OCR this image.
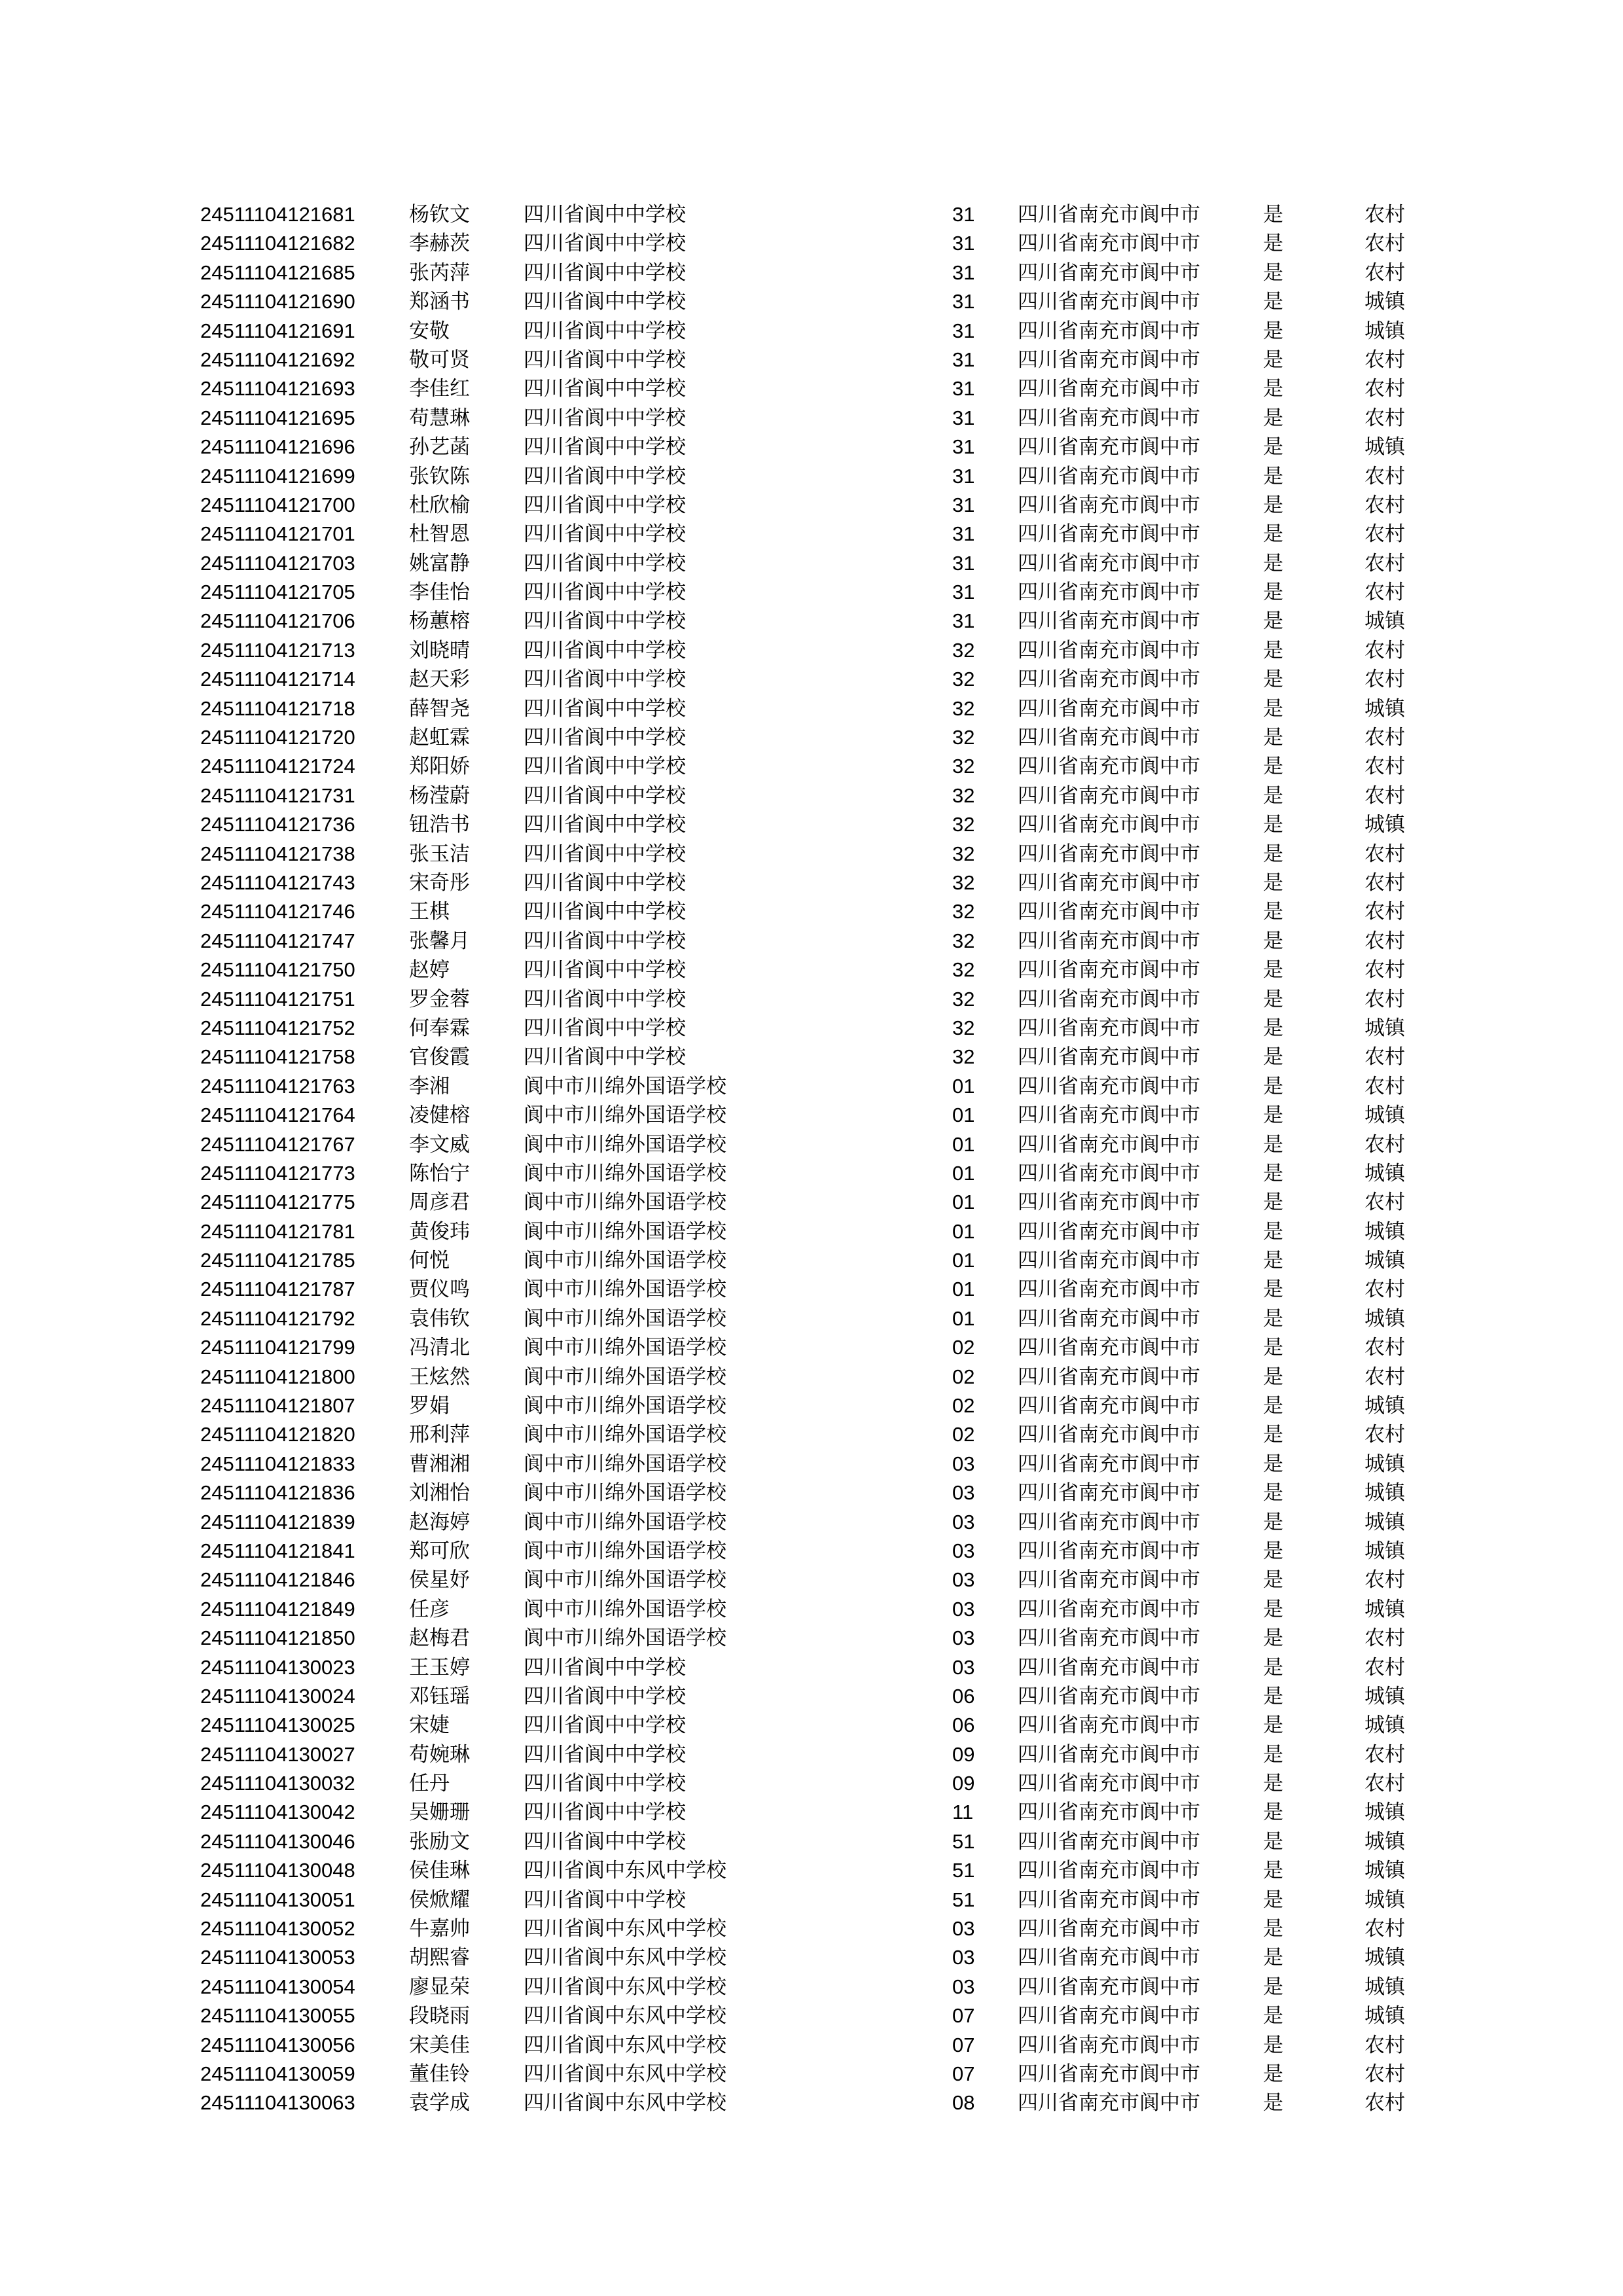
24511104121681	杨钦文	四川省阆中中学校	31 四川省南充市阆中市	是	农村
24511104121682	李赫茨	四川省阆中中学校	31 四川省南充市阆中市	是	农村
24511104121685	张芮萍	四川省阆中中学校	31 四川省南充市阆中市	是	农村
24511104121690	郑涵书	四川省阆中中学校	31 四川省南充市阆中市	是	城镇
24511104121691	安敬	四川省阆中中学校	31 四川省南充市阆中市	是	城镇
24511104121692	敬可贤	四川省阆中中学校	31 四川省南充市阆中市	是	农村
24511104121693	李佳红	四川省阆中中学校	31 四川省南充市阆中市	是	农村
24511104121695	苟慧琳	四川省阆中中学校	31 四川省南充市阆中市	是	农村
24511104121696	孙艺菡	四川省阆中中学校	31 四川省南充市阆中市	是	城镇
24511104121699	张钦陈	四川省阆中中学校	31 四川省南充市阆中市	是	农村
24511104121700	杜欣榆	四川省阆中中学校	31 四川省南充市阆中市	是	农村
24511104121701	杜智恩	四川省阆中中学校	31 四川省南充市阆中市	是	农村
24511104121703	姚富静	四川省阆中中学校	31 四川省南充市阆中市	是	农村
24511104121705	李佳怡	四川省阆中中学校	31 四川省南充市阆中市	是	农村
24511104121706	杨蕙榕	四川省阆中中学校	31 四川省南充市阆中市	是	城镇
24511104121713	刘晓晴	四川省阆中中学校	32 四川省南充市阆中市	是	农村
24511104121714	赵天彩	四川省阆中中学校	32 四川省南充市阆中市	是	农村
24511104121718	薛智尧	四川省阆中中学校	32 四川省南充市阆中市	是	城镇
24511104121720	赵虹霖	四川省阆中中学校	32 四川省南充市阆中市	是	农村
24511104121724	郑阳娇	四川省阆中中学校	32 四川省南充市阆中市	是	农村
24511104121731	杨滢蔚	四川省阆中中学校	32 四川省南充市阆中市	是	农村
24511104121736	钮浩书	四川省阆中中学校	32 四川省南充市阆中市	是	城镇
24511104121738	张玉洁	四川省阆中中学校	32 四川省南充市阆中市	是	农村
24511104121743	宋奇彤	四川省阆中中学校	32 四川省南充市阆中市	是	农村
24511104121746	王棋	四川省阆中中学校	32 四川省南充市阆中市	是	农村
24511104121747	张馨月	四川省阆中中学校	32 四川省南充市阆中市	是	农村
24511104121750	赵婷	四川省阆中中学校	32 四川省南充市阆中市	是	农村
24511104121751	罗金蓉	四川省阆中中学校	32 四川省南充市阆中市	是	农村
24511104121752	何奉霖	四川省阆中中学校	32 四川省南充市阆中市	是	城镇
24511104121758	官俊霞	四川省阆中中学校	32 四川省南充市阆中市	是	农村
24511104121763	李湘	阆中市川绵外国语学校	01 四川省南充市阆中市	是	农村
24511104121764	凌健榕	阆中市川绵外国语学校	01 四川省南充市阆中市	是	城镇
24511104121767	李文威	阆中市川绵外国语学校	01 四川省南充市阆中市	是	农村
24511104121773	陈怡宁	阆中市川绵外国语学校	01 四川省南充市阆中市	是	城镇
24511104121775	周彦君	阆中市川绵外国语学校	01 四川省南充市阆中市	是	农村
24511104121781	黄俊玮	阆中市川绵外国语学校	01 四川省南充市阆中市	是	城镇
24511104121785	何悦	阆中市川绵外国语学校	01 四川省南充市阆中市	是	城镇
24511104121787	贾仪鸣	阆中市川绵外国语学校	01 四川省南充市阆中市	是	农村
24511104121792	袁伟钦	阆中市川绵外国语学校	01 四川省南充市阆中市	是	城镇
24511104121799	冯清北	阆中市川绵外国语学校	02 四川省南充市阆中市	是	农村
24511104121800	王炫然	阆中市川绵外国语学校	02 四川省南充市阆中市	是	农村
24511104121807	罗娟	阆中市川绵外国语学校	02 四川省南充市阆中市	是	城镇
24511104121820	邢利萍	阆中市川绵外国语学校	02 四川省南充市阆中市	是	农村
24511104121833	曹湘湘	阆中市川绵外国语学校	03 四川省南充市阆中市	是	城镇
24511104121836	刘湘怡	阆中市川绵外国语学校	03 四川省南充市阆中市	是	城镇
24511104121839	赵海婷	阆中市川绵外国语学校	03 四川省南充市阆中市	是	城镇
24511104121841	郑可欣	阆中市川绵外国语学校	03 四川省南充市阆中市	是	城镇
24511104121846	侯星妤	阆中市川绵外国语学校	03 四川省南充市阆中市	是	农村
24511104121849	任彦	阆中市川绵外国语学校	03 四川省南充市阆中市	是	城镇
24511104121850	赵梅君	阆中市川绵外国语学校	03 四川省南充市阆中市	是	农村
24511104130023	王玉婷	四川省阆中中学校	03 四川省南充市阆中市	是	农村
24511104130024	邓钰瑶	四川省阆中中学校	06 四川省南充市阆中市	是	城镇
24511104130025	宋婕	四川省阆中中学校	06 四川省南充市阆中市	是	城镇
24511104130027	苟婉琳	四川省阆中中学校	09 四川省南充市阆中市	是	农村
24511104130032	任丹	四川省阆中中学校	09 四川省南充市阆中市	是	农村
24511104130042	吴姗珊	四川省阆中中学校	11 四川省南充市阆中市	是	城镇
24511104130046	张励文	四川省阆中中学校	51 四川省南充市阆中市	是	城镇
24511104130048	侯佳琳	四川省阆中东风中学校	51 四川省南充市阆中市	是	城镇
24511104130051	侯焮耀	四川省阆中中学校	51 四川省南充市阆中市	是	城镇
24511104130052	牛嘉帅	四川省阆中东风中学校	03 四川省南充市阆中市	是	农村
24511104130053	胡熙睿	四川省阆中东风中学校	03 四川省南充市阆中市	是	城镇
24511104130054	廖显荣	四川省阆中东风中学校	03 四川省南充市阆中市	是	城镇
24511104130055	段晓雨	四川省阆中东风中学校	07 四川省南充市阆中市	是	城镇
24511104130056	宋美佳	四川省阆中东风中学校	07 四川省南充市阆中市	是	农村
24511104130059	董佳铃	四川省阆中东风中学校	07 四川省南充市阆中市	是	农村
24511104130063	袁学成	四川省阆中东风中学校	08 四川省南充市阆中市	是	农村
